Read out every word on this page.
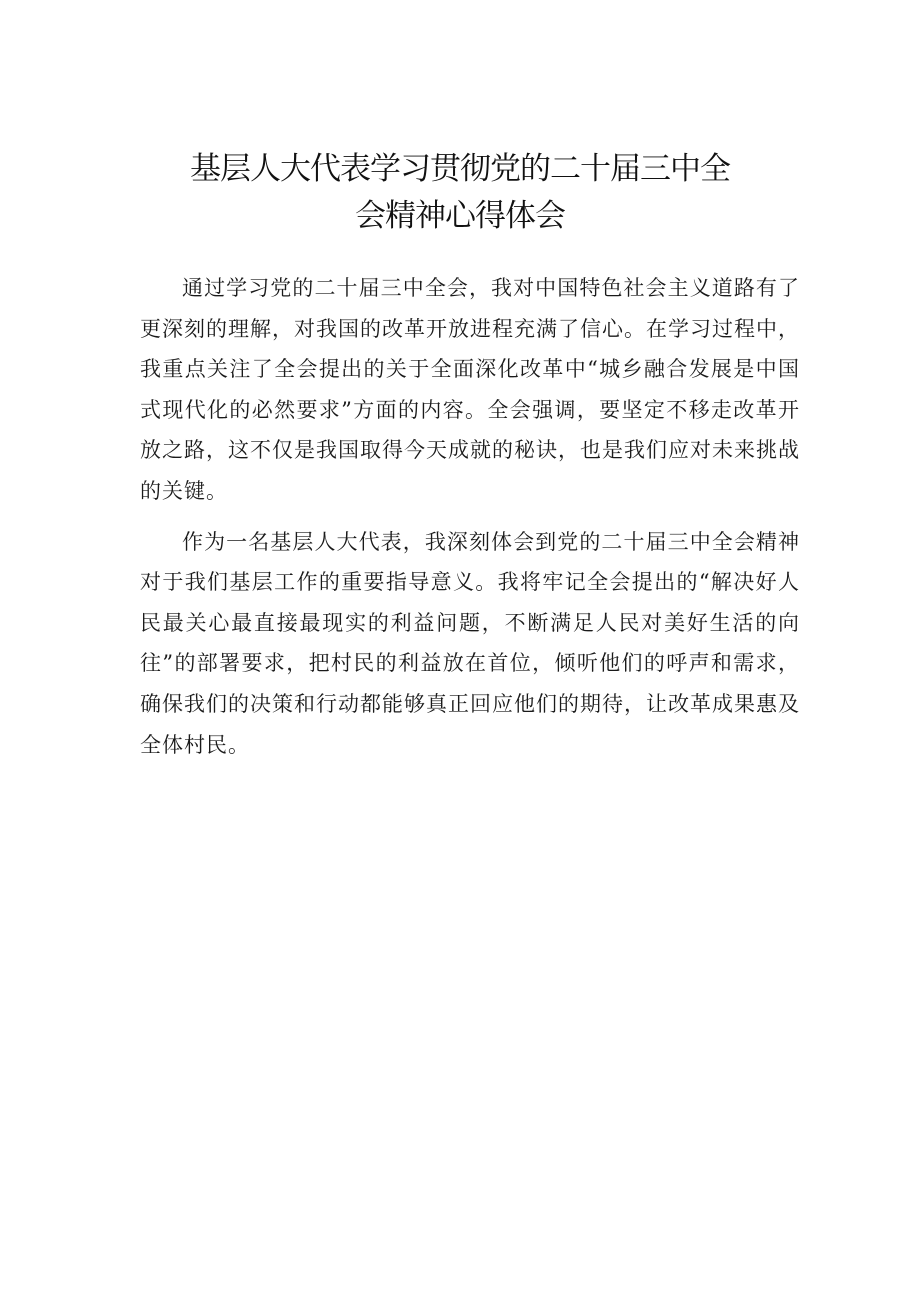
基层人大代表学习贯彻党的二十届三中全
会精神心得体会

通过学习党的二十届三中全会，我对中国特色社会主义道路有了更深刻的理解，对我国的改革开放进程充满了信心。在学习过程中，我重点关注了全会提出的关于全面深化改革中“城乡融合发展是中国式现代化的必然要求”方面的内容。全会强调，要坚定不移走改革开放之路，这不仅是我国取得今天成就的秘诀，也是我们应对未来挑战的关键。

作为一名基层人大代表，我深刻体会到党的二十届三中全会精神对于我们基层工作的重要指导意义。我将牢记全会提出的“解决好人民最关心最直接最现实的利益问题，不断满足人民对美好生活的向往”的部署要求，把村民的利益放在首位，倾听他们的呼声和需求，确保我们的决策和行动都能够真正回应他们的期待，让改革成果惠及全体村民。
